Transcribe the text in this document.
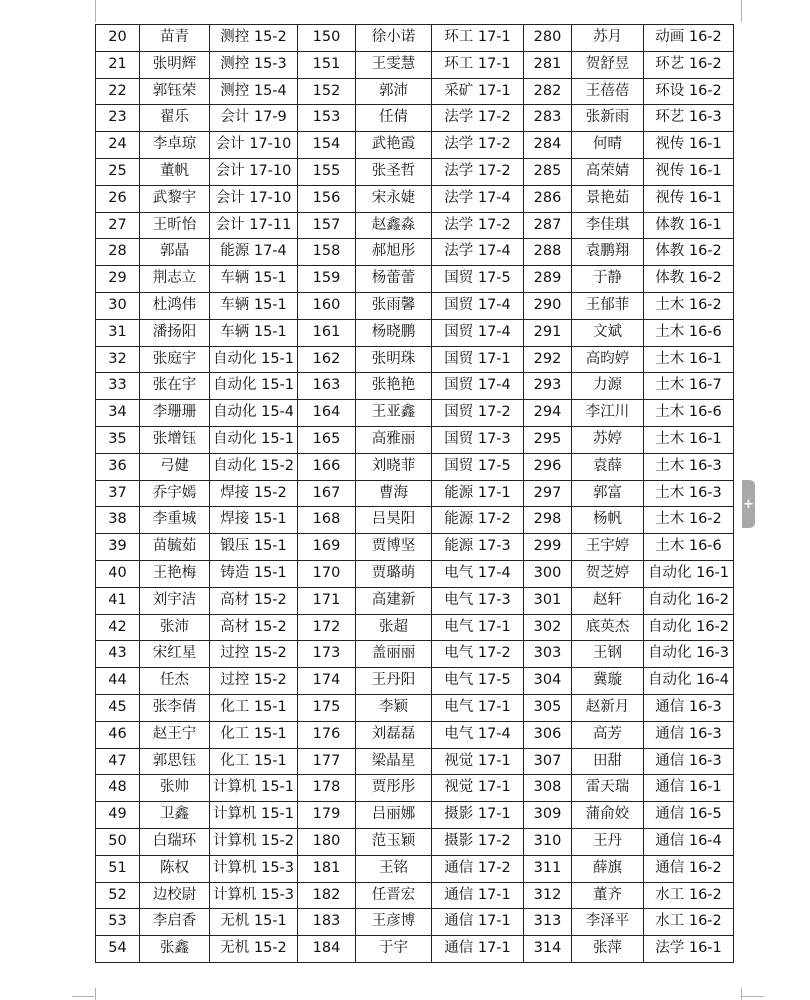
20	苗青	测控 15-2	150	徐小诺	环工 17-1	280	苏月	动画 16-2
21	张明辉	测控 15-3	151	王雯慧	环工 17-1	281	贺舒昱	环艺 16-2
22	郭钰荣	测控 15-4	152	郭沛	采矿 17-1	282	王蓓蓓	环设 16-2
23	翟乐	会计 17-9	153	任倩	法学 17-2	283	张新雨	环艺 16-3
24	李卓琼	会计 17-10	154	武艳霞	法学 17-2	284	何晴	视传 16-1
25	董帆	会计 17-10	155	张圣哲	法学 17-2	285	高荣婧	视传 16-1
26	武黎宇	会计 17-10	156	宋永婕	法学 17-4	286	景艳茹	视传 16-1
27	王昕怡	会计 17-11	157	赵鑫淼	法学 17-2	287	李佳琪	体教 16-1
28	郭晶	能源 17-4	158	郝旭彤	法学 17-4	288	袁鹏翔	体教 16-2
29	荆志立	车辆 15-1	159	杨蕾蕾	国贸 17-5	289	于静	体教 16-2
30	杜鸿伟	车辆 15-1	160	张雨馨	国贸 17-4	290	王郁菲	土木 16-2
31	潘扬阳	车辆 15-1	161	杨晓鹏	国贸 17-4	291	文斌	土木 16-6
32	张庭宇	自动化 15-1	162	张明珠	国贸 17-1	292	高昀婷	土木 16-1
33	张在宇	自动化 15-1	163	张艳艳	国贸 17-4	293	力源	土木 16-7
34	李珊珊	自动化 15-4	164	王亚鑫	国贸 17-2	294	李江川	土木 16-6
35	张增钰	自动化 15-1	165	高雅丽	国贸 17-3	295	苏婷	土木 16-1
36	弓健	自动化 15-2	166	刘晓菲	国贸 17-5	296	袁薛	土木 16-3
37	乔宇嫣	焊接 15-2	167	曹海	能源 17-1	297	郭富	土木 16-3
38	李重城	焊接 15-1	168	吕昊阳	能源 17-2	298	杨帆	土木 16-2
39	苗毓茹	锻压 15-1	169	贾博坚	能源 17-3	299	王宇婷	土木 16-6
40	王艳梅	铸造 15-1	170	贾璐萌	电气 17-4	300	贺芝婷	自动化 16-1
41	刘宇洁	高材 15-2	171	高建新	电气 17-3	301	赵轩	自动化 16-2
42	张沛	高材 15-2	172	张超	电气 17-1	302	底英杰	自动化 16-2
43	宋红星	过控 15-2	173	盖丽丽	电气 17-2	303	王钢	自动化 16-3
44	任杰	过控 15-2	174	王丹阳	电气 17-5	304	冀璇	自动化 16-4
45	张李倩	化工 15-1	175	李颖	电气 17-1	305	赵新月	通信 16-3
46	赵王宁	化工 15-1	176	刘磊磊	电气 17-4	306	高芳	通信 16-3
47	郭思钰	化工 15-1	177	梁晶星	视觉 17-1	307	田甜	通信 16-3
48	张帅	计算机 15-1	178	贾彤彤	视觉 17-1	308	雷天瑞	通信 16-1
49	卫鑫	计算机 15-1	179	吕丽娜	摄影 17-1	309	蒲俞姣	通信 16-5
50	白瑞环	计算机 15-2	180	范玉颖	摄影 17-2	310	王丹	通信 16-4
51	陈权	计算机 15-3	181	王铭	通信 17-2	311	薛旗	通信 16-2
52	边校尉	计算机 15-3	182	任晋宏	通信 17-1	312	董齐	水工 16-2
53	李启香	无机 15-1	183	王彦博	通信 17-1	313	李泽平	水工 16-2
54	张鑫	无机 15-2	184	于宇	通信 17-1	314	张萍	法学 16-1
+
